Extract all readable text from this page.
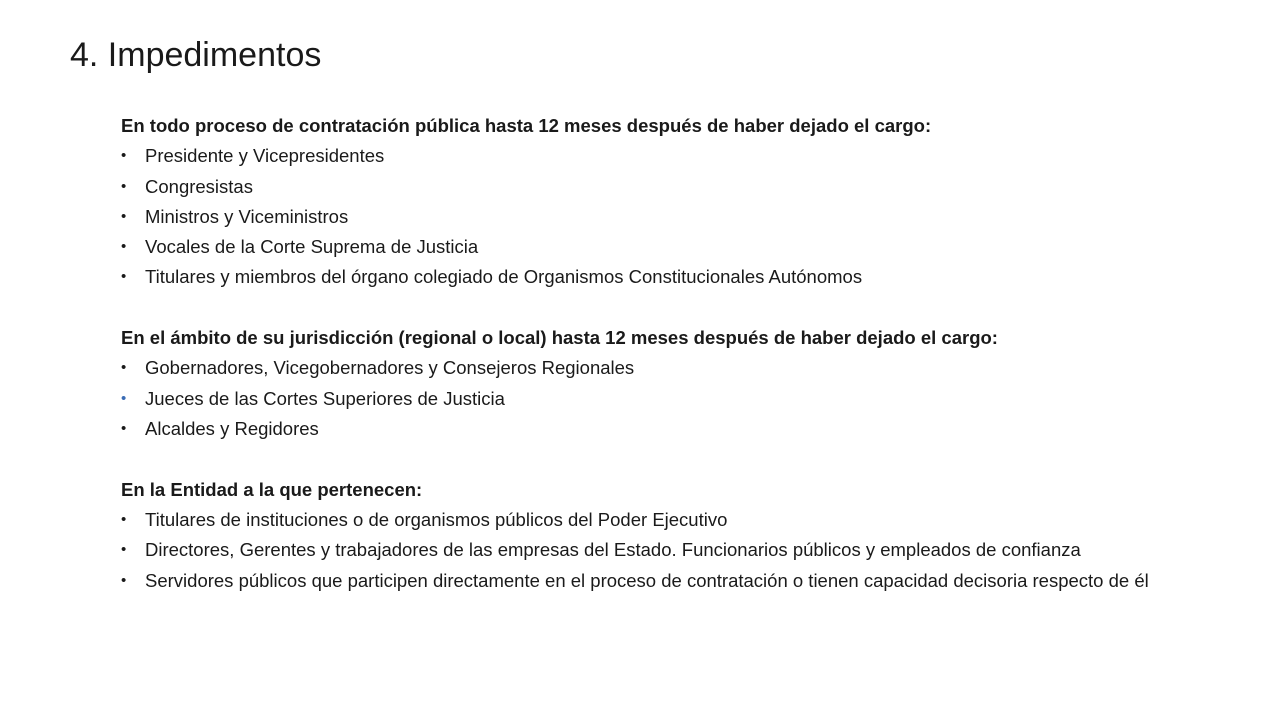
4. Impedimentos

En todo proceso de contratación pública hasta 12 meses después de haber dejado el cargo:

•	Presidente y Vicepresidentes
•	Congresistas
•	Ministros y Viceministros
•	Vocales de la Corte Suprema de Justicia
•	Titulares y miembros del órgano colegiado de Organismos Constitucionales Autónomos

En el ámbito de su jurisdicción (regional o local) hasta 12 meses después de haber dejado el cargo:

•	Gobernadores, Vicegobernadores y Consejeros Regionales
•	Jueces de las Cortes Superiores de Justicia
•	Alcaldes y Regidores

En la Entidad a la que pertenecen:

•	Titulares de instituciones o de organismos públicos del Poder Ejecutivo
•	Directores, Gerentes y trabajadores de las empresas del Estado. Funcionarios públicos y empleados de confianza
•	Servidores públicos que participen directamente en el proceso de contratación o tienen capacidad decisoria respecto de él
